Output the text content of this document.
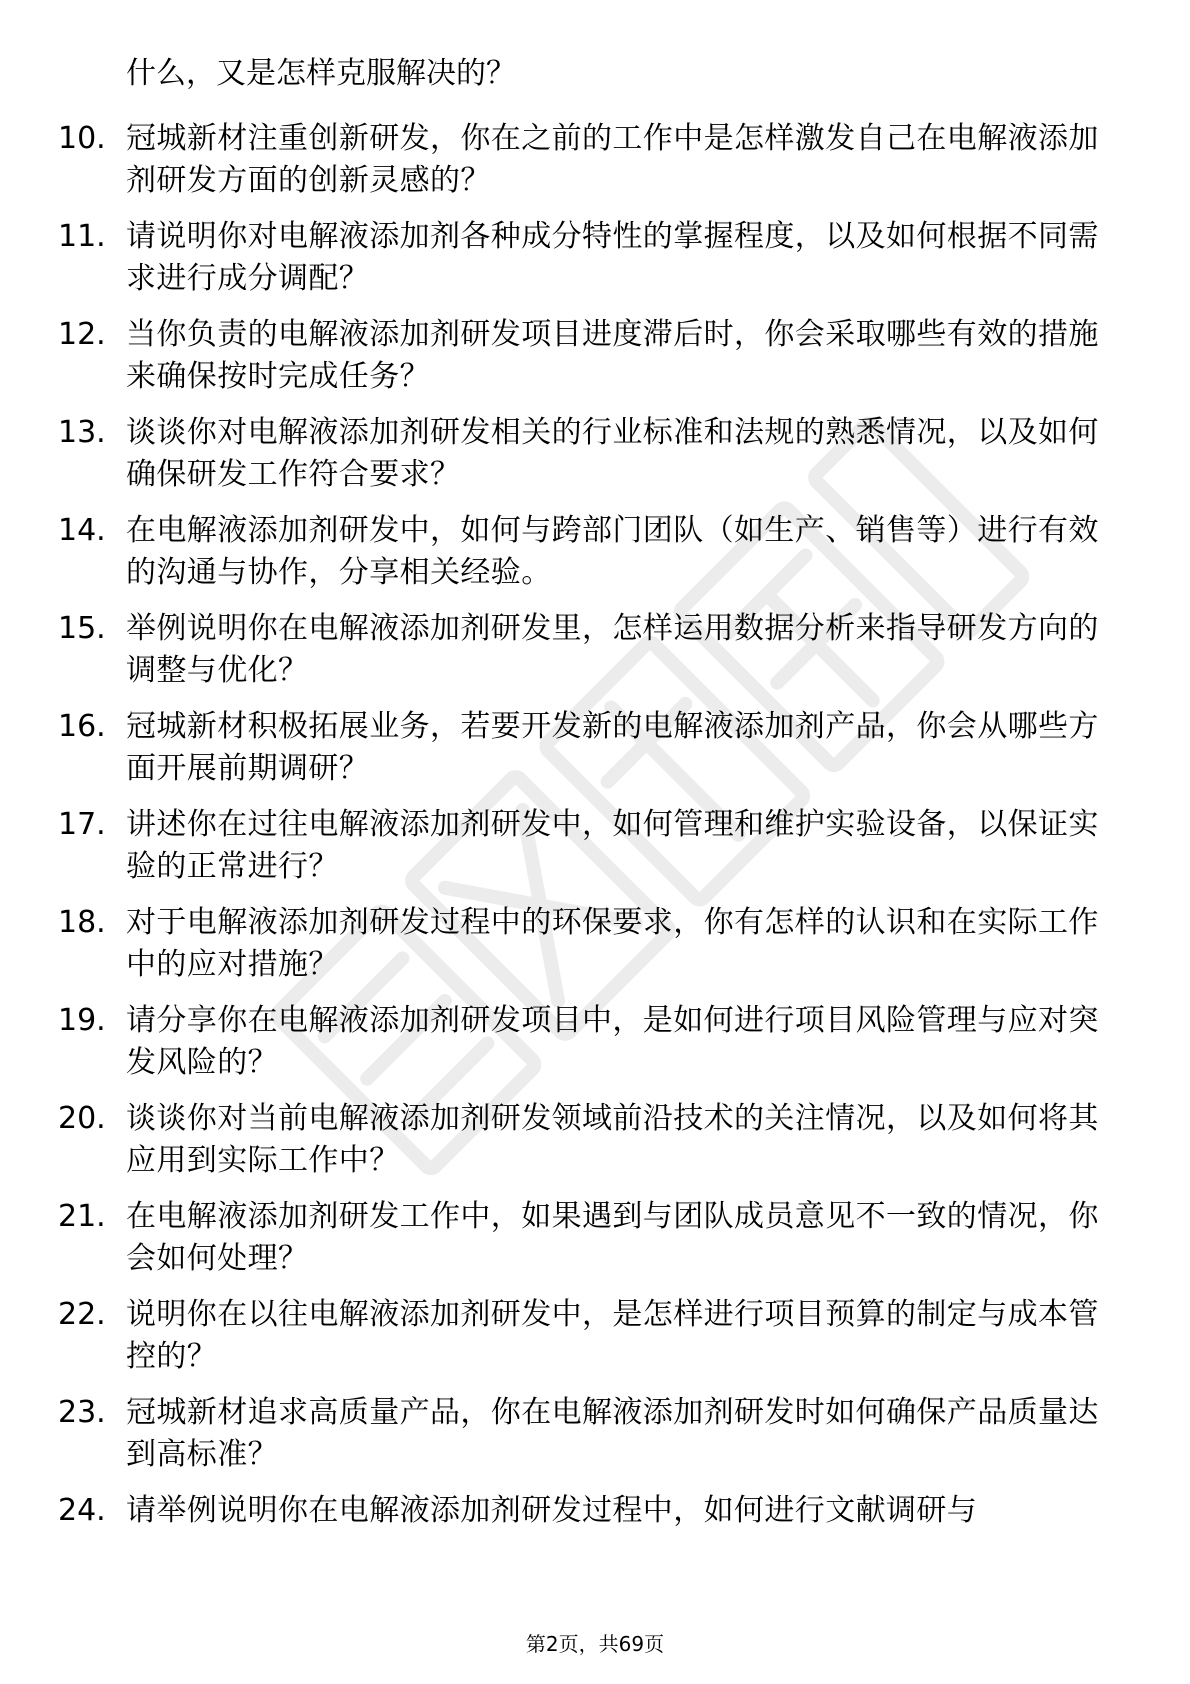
什么，又是怎样克服解决的？
10. 冠城新材注重创新研发，你在之前的工作中是怎样激发自己在电解液添加剂研发方面的创新灵感的？
11. 请说明你对电解液添加剂各种成分特性的掌握程度，以及如何根据不同需求进行成分调配？
12. 当你负责的电解液添加剂研发项目进度滞后时，你会采取哪些有效的措施来确保按时完成任务？
13. 谈谈你对电解液添加剂研发相关的行业标准和法规的熟悉情况，以及如何确保研发工作符合要求？
14. 在电解液添加剂研发中，如何与跨部门团队（如生产、销售等）进行有效的沟通与协作，分享相关经验。
15. 举例说明你在电解液添加剂研发里，怎样运用数据分析来指导研发方向的调整与优化？
16. 冠城新材积极拓展业务，若要开发新的电解液添加剂产品，你会从哪些方面开展前期调研？
17. 讲述你在过往电解液添加剂研发中，如何管理和维护实验设备，以保证实验的正常进行？
18. 对于电解液添加剂研发过程中的环保要求，你有怎样的认识和在实际工作中的应对措施？
19. 请分享你在电解液添加剂研发项目中，是如何进行项目风险管理与应对突发风险的？
20. 谈谈你对当前电解液添加剂研发领域前沿技术的关注情况，以及如何将其应用到实际工作中？
21. 在电解液添加剂研发工作中，如果遇到与团队成员意见不一致的情况，你会如何处理？
22. 说明你在以往电解液添加剂研发中，是怎样进行项目预算的制定与成本管控的？
23. 冠城新材追求高质量产品，你在电解液添加剂研发时如何确保产品质量达到高标准？
24. 请举例说明你在电解液添加剂研发过程中，如何进行文献调研与
第2页，共69页
